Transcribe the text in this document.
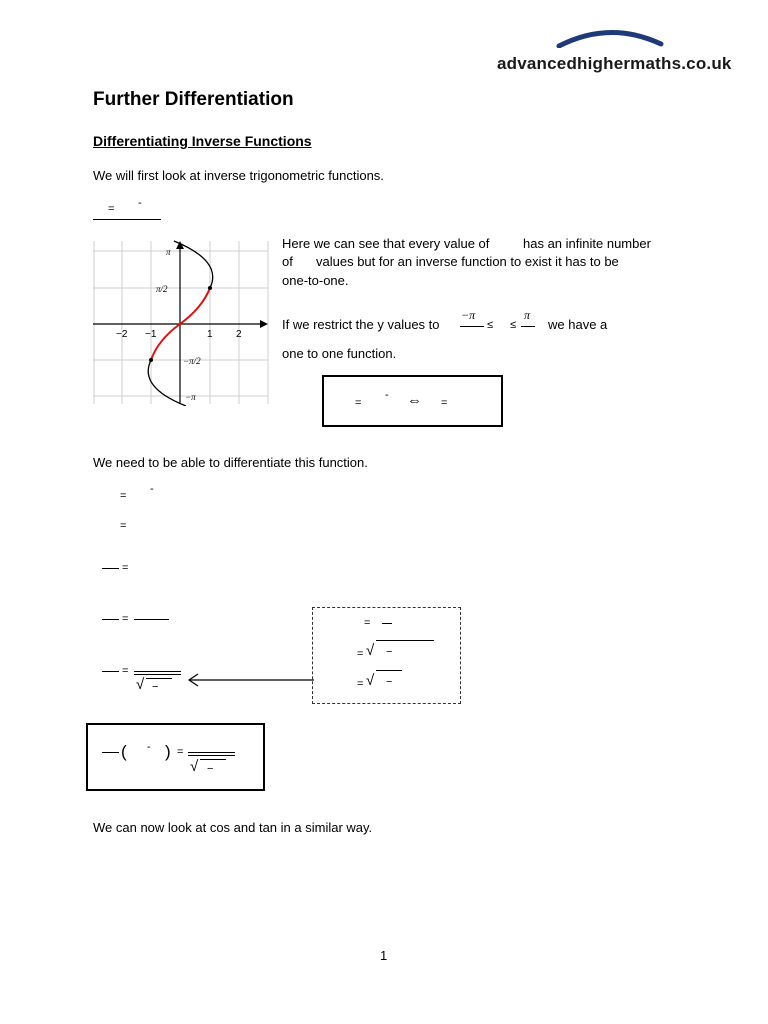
advancedhighermaths.co.uk
Further Differentiation
Differentiating Inverse Functions
We will first look at inverse trigonometric functions.
= -
−2 −1	1 2
π
π/2
−π/2
−π
Here we can see that every value of	has an infinite number
of values but for an inverse function to exist it has to be
one-to-one.
If we restrict the y values to
−π
≤ ≤
π
we have a
one to one function.
=
- ⇔ =
We need to be able to differentiate this function.
=
-
=
=
=
=
√ −
=
= √ −
= √ −
( - ) =
√ −
We can now look at cos and tan in a similar way.
1
